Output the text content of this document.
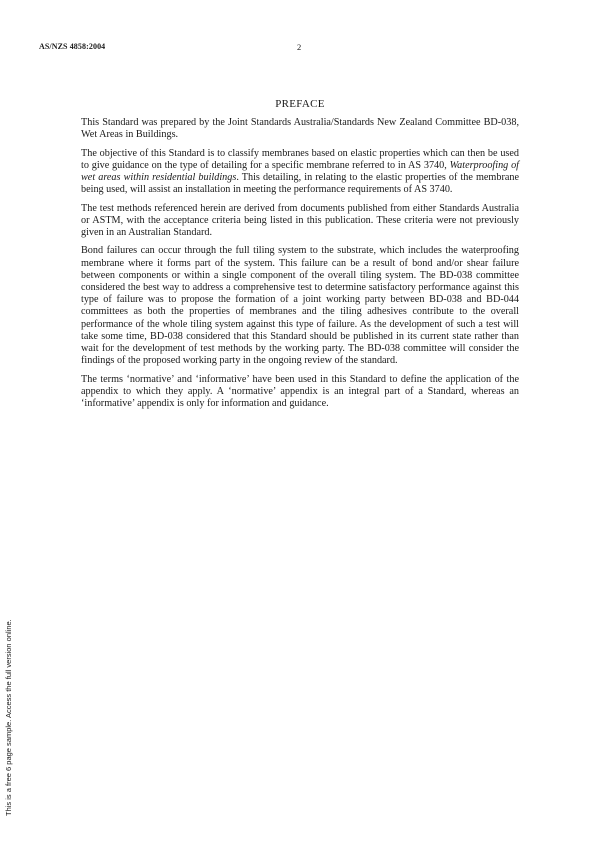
AS/NZS 4858:2004	2
PREFACE

This Standard was prepared by the Joint Standards Australia/Standards New Zealand Committee BD-038, Wet Areas in Buildings.

The objective of this Standard is to classify membranes based on elastic properties which can then be used to give guidance on the type of detailing for a specific membrane referred to in AS 3740, Waterproofing of wet areas within residential buildings. This detailing, in relating to the elastic properties of the membrane being used, will assist an installation in meeting the performance requirements of AS 3740.

The test methods referenced herein are derived from documents published from either Standards Australia or ASTM, with the acceptance criteria being listed in this publication. These criteria were not previously given in an Australian Standard.

Bond failures can occur through the full tiling system to the substrate, which includes the waterproofing membrane where it forms part of the system. This failure can be a result of bond and/or shear failure between components or within a single component of the overall tiling system. The BD-038 committee considered the best way to address a comprehensive test to determine satisfactory performance against this type of failure was to propose the formation of a joint working party between BD-038 and BD-044 committees as both the properties of membranes and the tiling adhesives contribute to the overall performance of the whole tiling system against this type of failure. As the development of such a test will take some time, BD-038 considered that this Standard should be published in its current state rather than wait for the development of test methods by the working party. The BD-038 committee will consider the findings of the proposed working party in the ongoing review of the standard.

The terms ‘normative’ and ‘informative’ have been used in this Standard to define the application of the appendix to which they apply. A ‘normative’ appendix is an integral part of a Standard, whereas an ‘informative’ appendix is only for information and guidance.

This is a free 6 page sample. Access the full version online.
